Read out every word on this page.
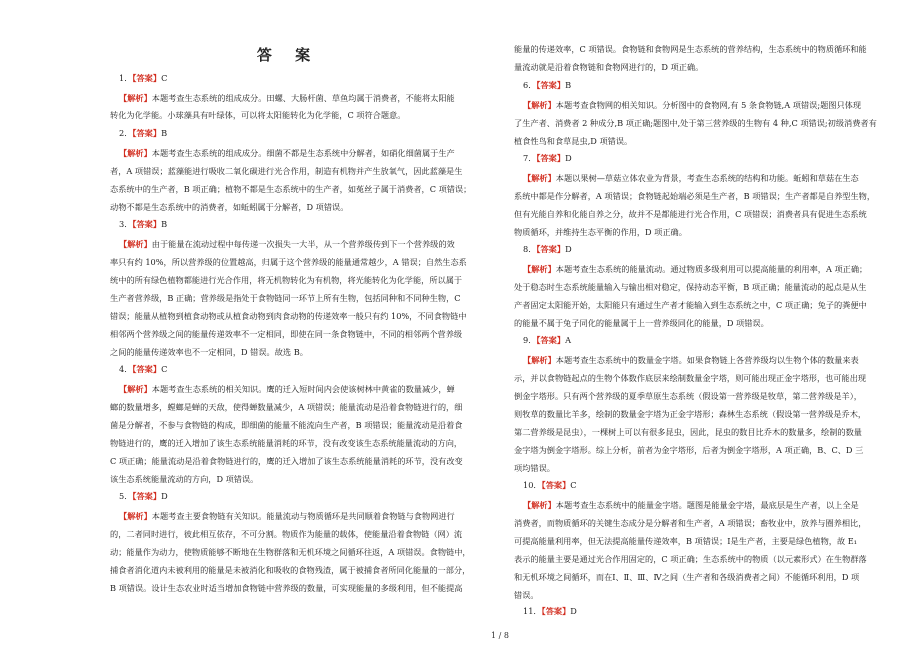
答 案
1．【答案】C
【解析】本题考查生态系统的组成成分。田螺、大肠杆菌、草鱼均属于消费者，不能将太阳能
转化为化学能。小球藻具有叶绿体，可以将太阳能转化为化学能，C 项符合题意。
2．【答案】B
【解析】本题考查生态系统的组成成分。细菌不都是生态系统中分解者，如硝化细菌属于生产
者，A 项错误；蓝藻能进行吸收二氧化碳进行光合作用，制造有机物并产生放氧气，因此蓝藻是生
态系统中的生产者，B 项正确；植物不都是生态系统中的生产者，如菟丝子属于消费者，C 项错误；
动物不都是生态系统中的消费者，如蚯蚓属于分解者，D 项错误。
3．【答案】B
【解析】由于能量在流动过程中每传递一次损失一大半，从一个营养级传到下一个营养级的效
率只有约 10%，所以营养级的位置越高，归属于这个营养级的能量通常越少，A 错误；自然生态系
统中的所有绿色植物都能进行光合作用，将无机物转化为有机物，将光能转化为化学能，所以属于
生产者营养级，B 正确；营养级是指处于食物链同一环节上所有生物，包括同种和不同种生物，C
错误；能量从植物到植食动物或从植食动物到肉食动物的传递效率一般只有约 10%，不同食物链中
相邻两个营养级之间的能量传递效率不一定相同，即使在同一条食物链中，不同的相邻两个营养级
之间的能量传递效率也不一定相同，D 错误。故选 B。
4．【答案】C
【解析】本题考查生态系统的相关知识。鹰的迁入短时间内会使该树林中黄雀的数量减少，蝉
螂的数量增多，螳螂是蝉的天敌，使得蝉数量减少，A 项错误；能量流动是沿着食物链进行的，细
菌是分解者，不参与食物链的构成，即细菌的能量不能流向生产者，B 项错误；能量流动是沿着食
物链进行的，鹰的迁入增加了该生态系统能量消耗的环节，没有改变该生态系统能量流动的方向，
C 项正确；能量流动是沿着食物链进行的，鹰的迁入增加了该生态系统能量消耗的环节，没有改变
该生态系统能量流动的方向，D 项错误。
5．【答案】D
【解析】本题考查主要食物链有关知识。能量流动与物质循环是共同顺着食物链与食物网进行
的，二者同时进行，彼此相互依存，不可分割。物质作为能量的载体，使能量沿着食物链（网）流
动；能量作为动力，使物质能够不断地在生物群落和无机环境之间循环往返，A 项错误。食物链中，
捕食者消化道内未被利用的能量是未被消化和吸收的食物残渣，属于被捕食者所同化能量的一部分，
B 项错误。设计生态农业时适当增加食物链中营养级的数量，可实现能量的多级利用，但不能提高
能量的传递效率，C 项错误。食物链和食物网是生态系统的营养结构，生态系统中的物质循环和能
量流动就是沿着食物链和食物网进行的，D 项正确。
6．【答案】B
【解析】本题考查食物网的相关知识。分析图中的食物网,有 5 条食物链,A 项错误;题图只体现
了生产者、消费者 2 种成分,B 项正确;题图中,处于第三营养级的生物有 4 种,C 项错误;初级消费者有
植食性鸟和食草昆虫,D 项错误。
7．【答案】D
【解析】本题以果树—草菇立体农业为背景，考查生态系统的结构和功能。蚯蚓和草菇在生态
系统中都是作分解者，A 项错误；食物链起始端必须是生产者，B 项错误；生产者都是自养型生物，
但有光能自养和化能自养之分，故并不是都能进行光合作用，C 项错误；消费者具有促进生态系统
物质循环，并维持生态平衡的作用，D 项正确。
8．【答案】D
【解析】本题考查生态系统的能量流动。通过物质多级利用可以提高能量的利用率，A 项正确；
处于稳态时生态系统能量输入与输出相对稳定，保持动态平衡，B 项正确；能量流动的起点是从生
产者固定太阳能开始，太阳能只有通过生产者才能输入到生态系统之中，C 项正确；兔子的粪便中
的能量不属于兔子同化的能量属于上一营养级同化的能量，D 项错误。
9．【答案】A
【解析】本题考查生态系统中的数量金字塔。如果食物链上各营养级均以生物个体的数量来表
示，并以食物链起点的生物个体数作底层来绘制数量金字塔，则可能出现正金字塔形，也可能出现
倒金字塔形。只有两个营养级的夏季草原生态系统（假设第一营养级是牧草，第二营养级是羊），
则牧草的数量比羊多，绘制的数量金字塔为正金字塔形；森林生态系统（假设第一营养级是乔木，
第二营养级是昆虫），一棵树上可以有很多昆虫，因此，昆虫的数目比乔木的数量多，绘制的数量
金字塔为倒金字塔形。综上分析，前者为金字塔形，后者为倒金字塔形，A 项正确，B、C、D 三
项均错误。
10．【答案】C
【解析】本题考查生态系统中的能量金字塔。题图是能量金字塔，最底层是生产者，以上全是
消费者，而物质循环的关键生态成分是分解者和生产者，A 项错误；畜牧业中，放养与圈养相比，
可提高能量利用率，但无法提高能量传递效率，B 项错误；Ⅰ是生产者，主要是绿色植物，故 E₁
表示的能量主要是通过光合作用固定的，C 项正确；生态系统中的物质（以元素形式）在生物群落
和无机环境之间循环，而在Ⅰ、Ⅱ、Ⅲ、Ⅳ之间（生产者和各级消费者之间）不能循环利用，D 项
错误。
11．【答案】D
1 / 8
